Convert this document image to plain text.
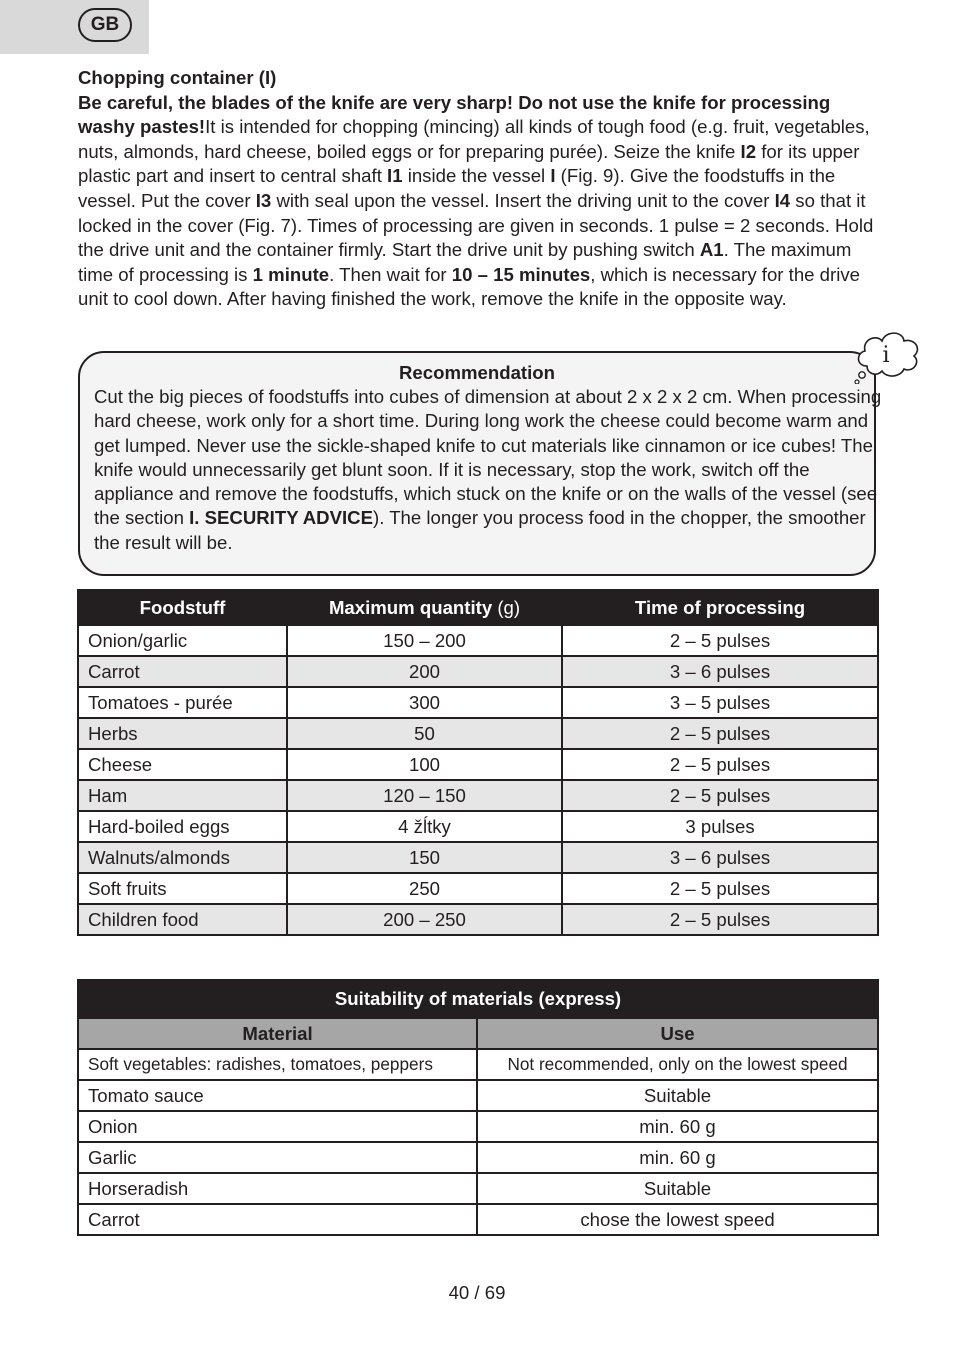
GB

Chopping container (I)

Be careful, the blades of the knife are very sharp! Do not use the knife for processing washy pastes!It is intended for chopping (mincing) all kinds of tough food (e.g. fruit, vegetables, nuts, almonds, hard cheese, boiled eggs or for preparing purée). Seize the knife I2 for its upper plastic part and insert to central shaft I1 inside the vessel I (Fig. 9). Give the foodstuffs in the vessel. Put the cover I3 with seal upon the vessel. Insert the driving unit to the cover I4 so that it locked in the cover (Fig. 7). Times of processing are given in seconds. 1 pulse = 2 seconds. Hold the drive unit and the container firmly. Start the drive unit by pushing switch A1. The maximum time of processing is 1 minute. Then wait for 10 – 15 minutes, which is necessary for the drive unit to cool down. After having finished the work, remove the knife in the opposite way.

Recommendation
Cut the big pieces of foodstuffs into cubes of dimension at about 2 x 2 x 2 cm. When processing hard cheese, work only for a short time. During long work the cheese could become warm and get lumped. Never use the sickle-shaped knife to cut materials like cinnamon or ice cubes! The knife would unnecessarily get blunt soon. If it is necessary, stop the work, switch off the appliance and remove the foodstuffs, which stuck on the knife or on the walls of the vessel (see the section I. SECURITY ADVICE). The longer you process food in the chopper, the smoother the result will be.
i
Foodstuff	Maximum quantity (g)	Time of processing
Onion/garlic	150 – 200	2 – 5 pulses
Carrot	200	3 – 6 pulses
Tomatoes - purée	300	3 – 5 pulses
Herbs	50	2 – 5 pulses
Cheese	100	2 – 5 pulses
Ham	120 – 150	2 – 5 pulses
Hard-boiled eggs	4 žĺtky	3 pulses
Walnuts/almonds	150	3 – 6 pulses
Soft fruits	250	2 – 5 pulses
Children food	200 – 250	2 – 5 pulses
Suitability of materials (express)	
Material	Use
Soft vegetables: radishes, tomatoes, peppers	Not recommended, only on the lowest speed
Tomato sauce	Suitable
Onion	min. 60 g
Garlic	min. 60 g
Horseradish	Suitable
Carrot	chose the lowest speed
40 / 69
